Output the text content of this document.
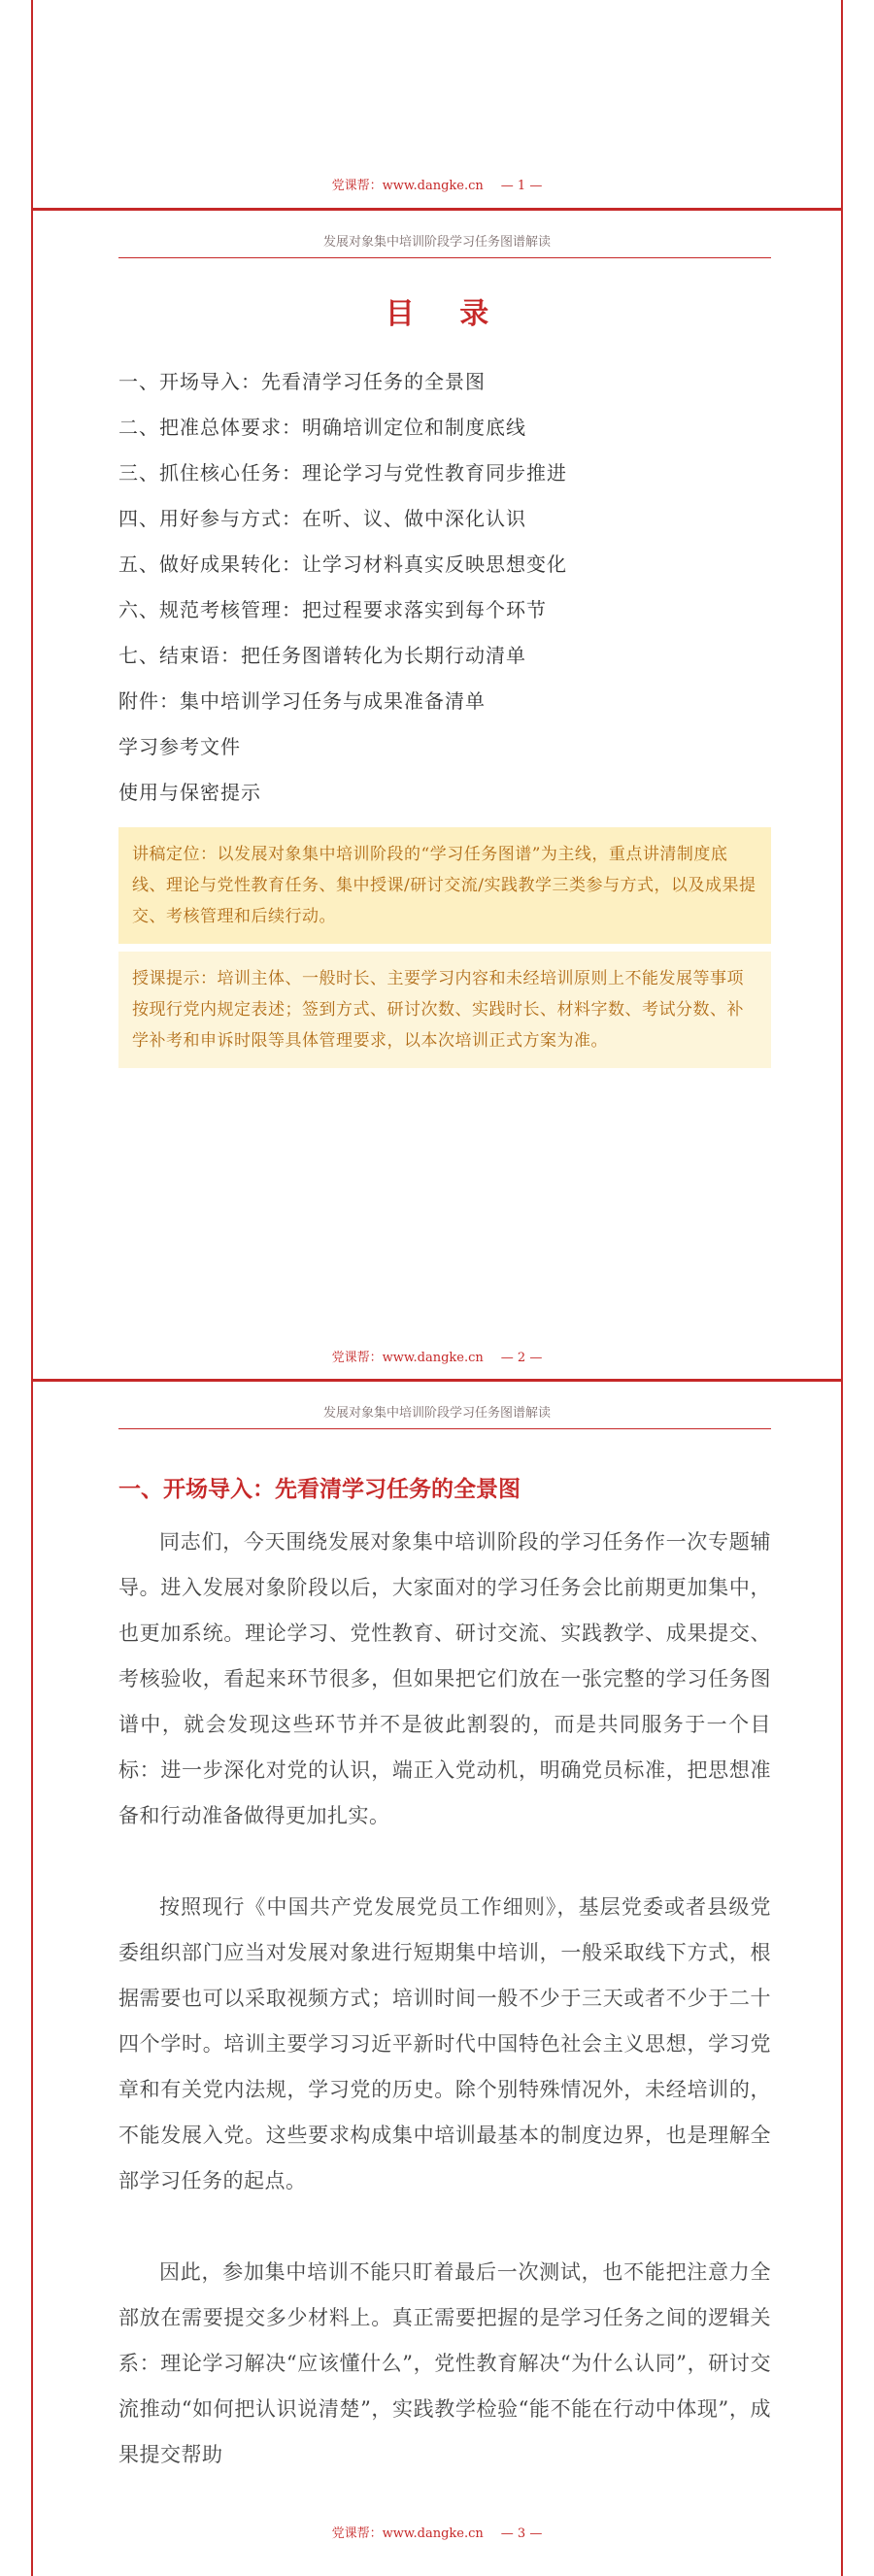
党课帮：www.dangke.cn — 1 —
发展对象集中培训阶段学习任务图谱解读
目 录
一、开场导入：先看清学习任务的全景图
二、把准总体要求：明确培训定位和制度底线
三、抓住核心任务：理论学习与党性教育同步推进
四、用好参与方式：在听、议、做中深化认识
五、做好成果转化：让学习材料真实反映思想变化
六、规范考核管理：把过程要求落实到每个环节
七、结束语：把任务图谱转化为长期行动清单
附件：集中培训学习任务与成果准备清单
学习参考文件
使用与保密提示
讲稿定位：以发展对象集中培训阶段的“学习任务图谱”为主线，重点讲清制度底线、理论与党性教育任务、集中授课/研讨交流/实践教学三类参与方式，以及成果提交、考核管理和后续行动。
授课提示：培训主体、一般时长、主要学习内容和未经培训原则上不能发展等事项按现行党内规定表述；签到方式、研讨次数、实践时长、材料字数、考试分数、补学补考和申诉时限等具体管理要求，以本次培训正式方案为准。
党课帮：www.dangke.cn — 2 —
发展对象集中培训阶段学习任务图谱解读
一、开场导入：先看清学习任务的全景图
同志们，今天围绕发展对象集中培训阶段的学习任务作一次专题辅导。进入发展对象阶段以后，大家面对的学习任务会比前期更加集中，也更加系统。理论学习、党性教育、研讨交流、实践教学、成果提交、考核验收，看起来环节很多，但如果把它们放在一张完整的学习任务图谱中，就会发现这些环节并不是彼此割裂的，而是共同服务于一个目标：进一步深化对党的认识，端正入党动机，明确党员标准，把思想准备和行动准备做得更加扎实。
按照现行《中国共产党发展党员工作细则》，基层党委或者县级党委组织部门应当对发展对象进行短期集中培训，一般采取线下方式，根据需要也可以采取视频方式；培训时间一般不少于三天或者不少于二十四个学时。培训主要学习习近平新时代中国特色社会主义思想，学习党章和有关党内法规，学习党的历史。除个别特殊情况外，未经培训的，不能发展入党。这些要求构成集中培训最基本的制度边界，也是理解全部学习任务的起点。
因此，参加集中培训不能只盯着最后一次测试，也不能把注意力全部放在需要提交多少材料上。真正需要把握的是学习任务之间的逻辑关系：理论学习解决“应该懂什么”，党性教育解决“为什么认同”，研讨交流推动“如何把认识说清楚”，实践教学检验“能不能在行动中体现”，成果提交帮助
党课帮：www.dangke.cn — 3 —
